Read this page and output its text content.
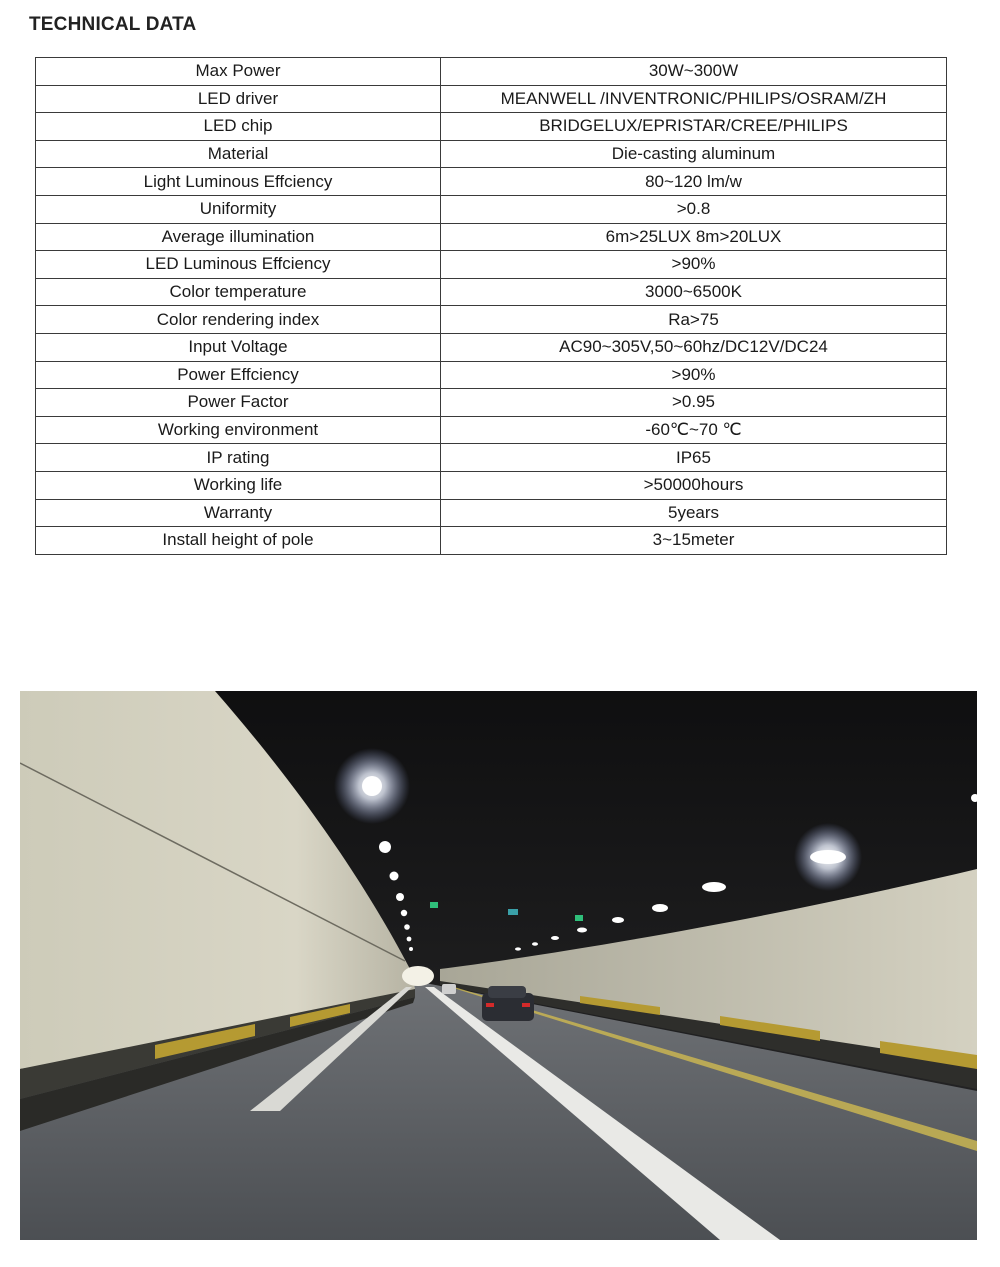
TECHNICAL DATA
Max Power	30W~300W
LED driver	MEANWELL /INVENTRONIC/PHILIPS/OSRAM/ZH
LED chip	BRIDGELUX/EPRISTAR/CREE/PHILIPS
Material	Die-casting aluminum
Light Luminous Effciency	80~120 lm/w
Uniformity	>0.8
Average illumination	6m>25LUX 8m>20LUX
LED Luminous Effciency	>90%
Color temperature	3000~6500K
Color rendering index	Ra>75
Input Voltage	AC90~305V,50~60hz/DC12V/DC24
Power Effciency	>90%
Power Factor	>0.95
Working environment	-60℃~70 ℃
IP rating	IP65
Working life	>50000hours
Warranty	5years
Install height of pole	3~15meter
